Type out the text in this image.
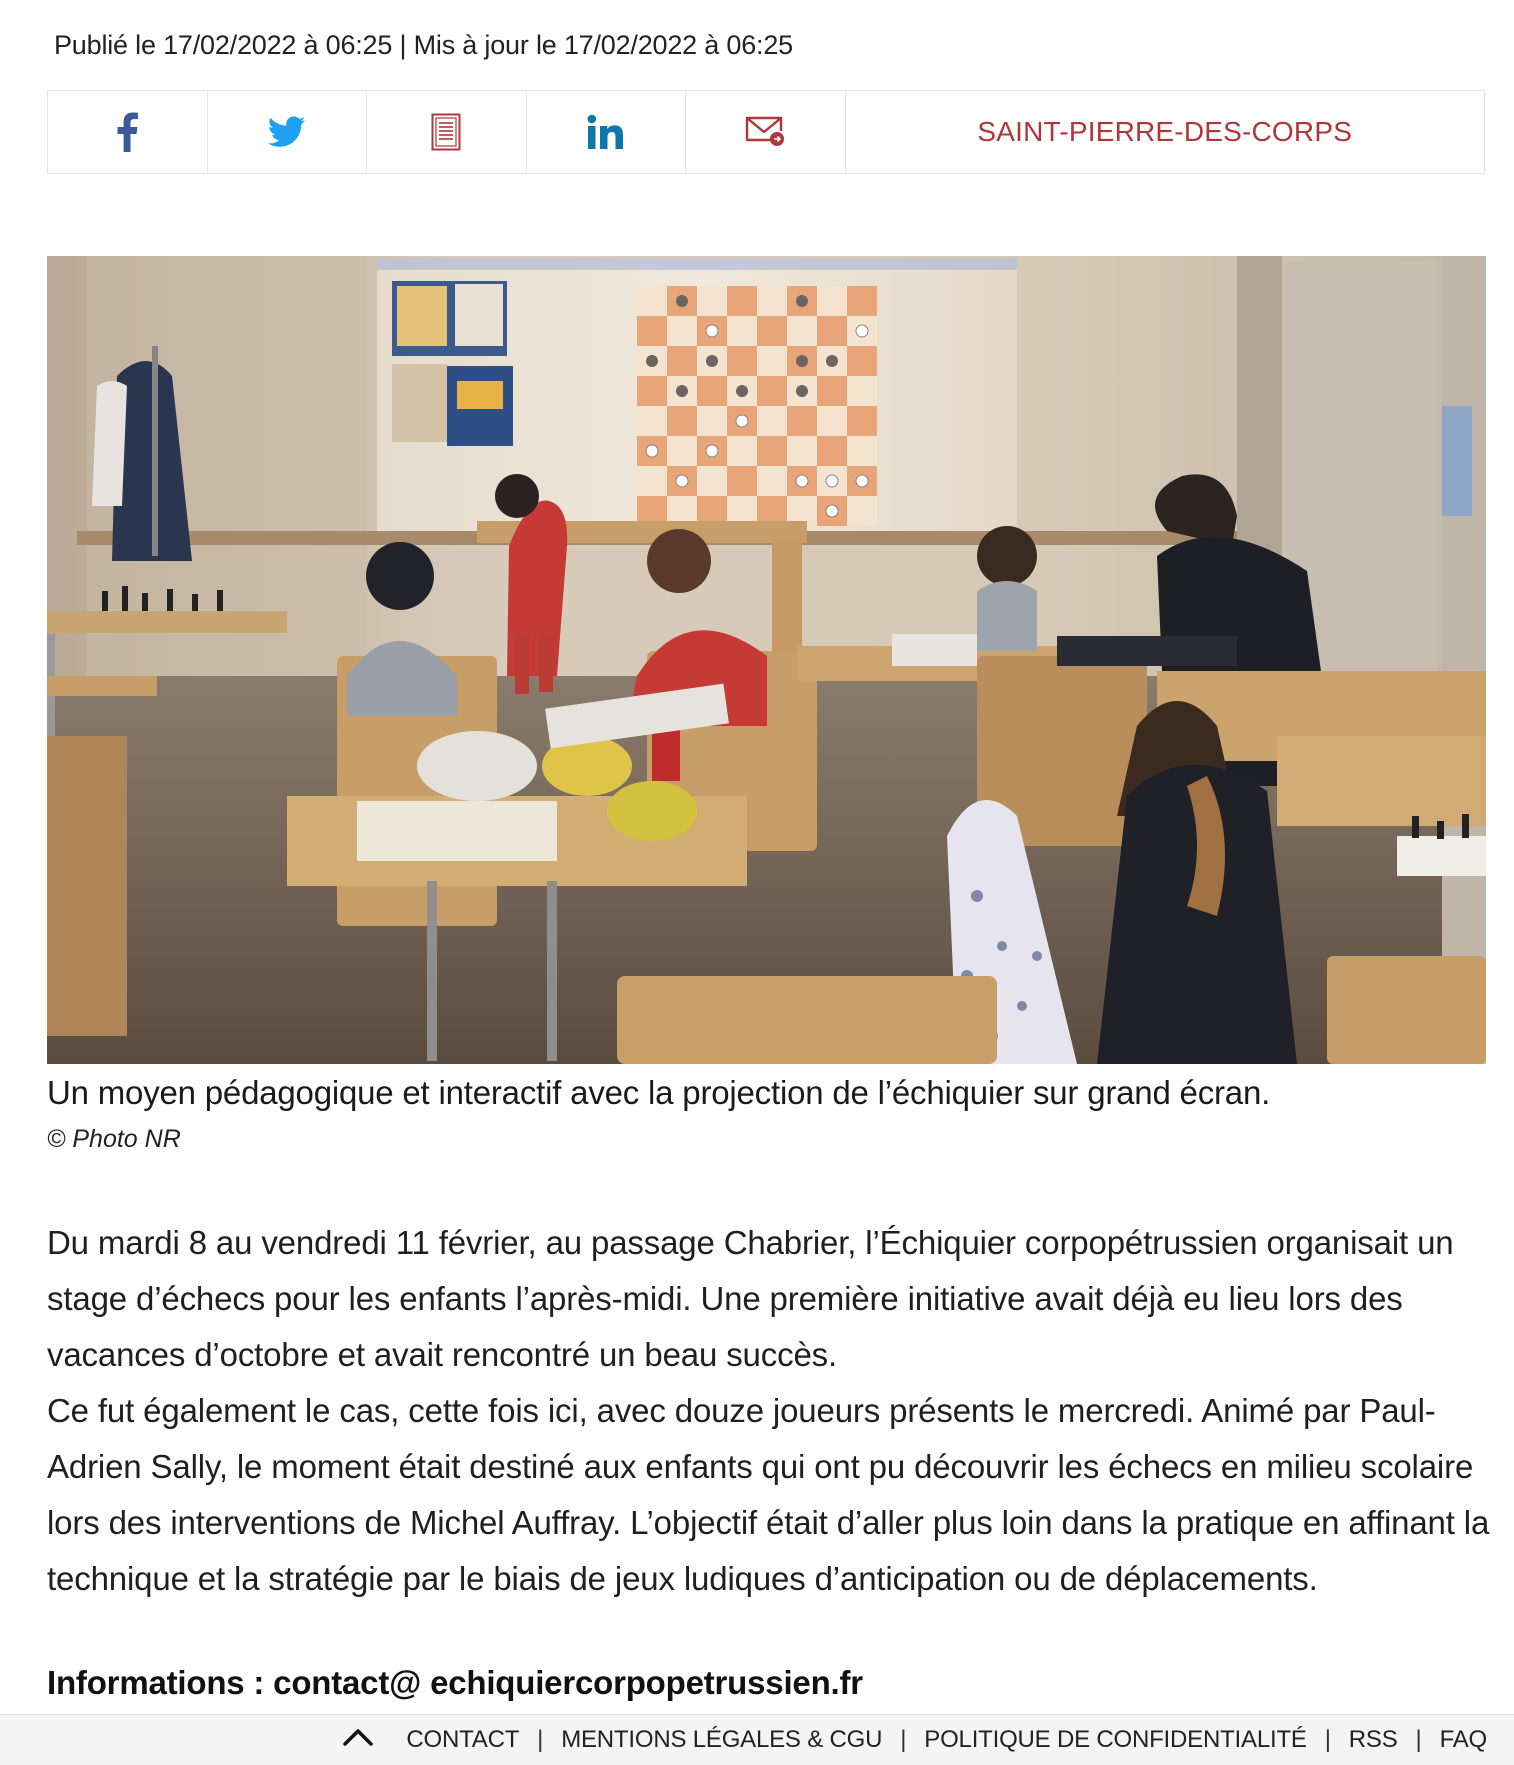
Publié le 17/02/2022 à 06:25 | Mis à jour le 17/02/2022 à 06:25
SAINT-PIERRE-DES-CORPS
Un moyen pédagogique et interactif avec la projection de l’échiquier sur grand écran.
© Photo NR

Du mardi 8 au vendredi 11 février, au passage Chabrier, l’Échiquier corpopétrussien organisait un stage d’échecs pour les enfants l’après-midi. Une première initiative avait déjà eu lieu lors des vacances d’octobre et avait rencontré un beau succès.

Ce fut également le cas, cette fois ici, avec douze joueurs présents le mercredi. Animé par Paul-Adrien Sally, le moment était destiné aux enfants qui ont pu découvrir les échecs en milieu scolaire lors des interventions de Michel Auffray. L’objectif était d’aller plus loin dans la pratique en affinant la technique et la stratégie par le biais de jeux ludiques d’anticipation ou de déplacements.

Informations : contact@ echiquiercorpopetrussien.fr
CONTACT | MENTIONS LÉGALES & CGU | POLITIQUE DE CONFIDENTIALITÉ | RSS | FAQ
